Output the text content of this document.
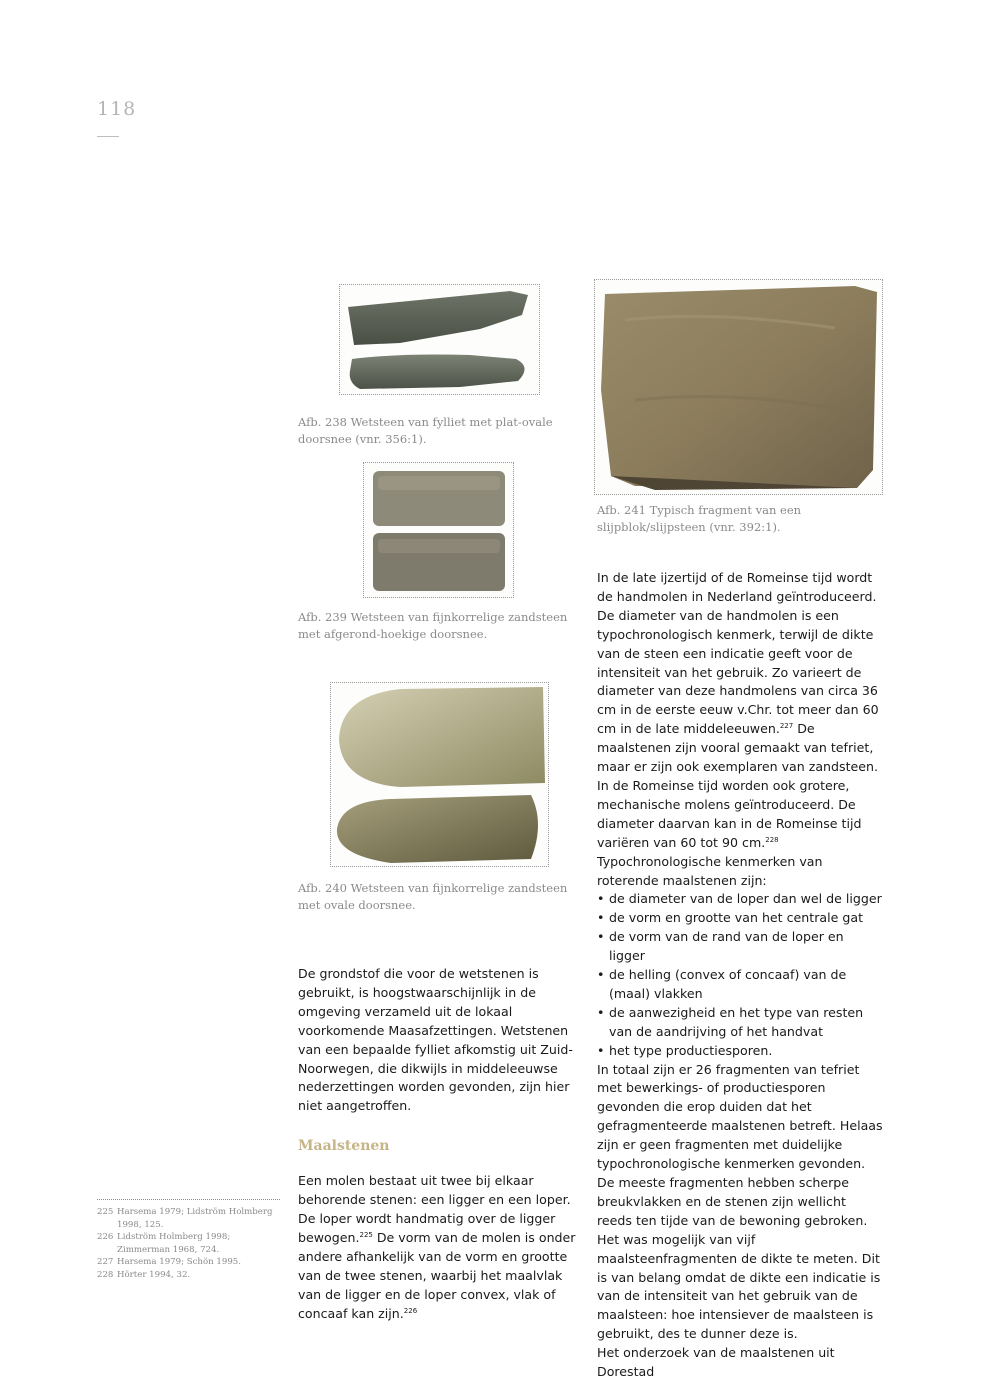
118

Afb. 238 Wetsteen van fylliet met plat-ovale doorsnee (vnr. 356:1).

Afb. 239 Wetsteen van fijnkorrelige zandsteen met afgerond-hoekige doorsnee.

Afb. 240 Wetsteen van fijnkorrelige zandsteen met ovale doorsnee.

Afb. 241 Typisch fragment van een slijpblok/slijpsteen (vnr. 392:1).

De grondstof die voor de wetstenen is gebruikt, is hoogstwaarschijnlijk in de omgeving verzameld uit de lokaal voorkomende Maasafzettingen. Wetstenen van een bepaalde fylliet afkomstig uit Zuid-Noorwegen, die dikwijls in middeleeuwse nederzettingen worden gevonden, zijn hier niet aangetroffen.

Maalstenen

Een molen bestaat uit twee bij elkaar behorende stenen: een ligger en een loper. De loper wordt handmatig over de ligger bewogen.$^{225}$ De vorm van de molen is onder andere afhankelijk van de vorm en grootte van de twee stenen, waarbij het maalvlak van de ligger en de loper convex, vlak of concaaf kan zijn.$^{226}$

In de late ijzertijd of de Romeinse tijd wordt de handmolen in Nederland geïntroduceerd. De diameter van de handmolen is een typochronologisch kenmerk, terwijl de dikte van de steen een indicatie geeft voor de intensiteit van het gebruik. Zo varieert de diameter van deze handmolens van circa 36 cm in de eerste eeuw v.Chr. tot meer dan 60 cm in de late middeleeuwen.$^{227}$ De maalstenen zijn vooral gemaakt van tefriet, maar er zijn ook exemplaren van zandsteen.

In de Romeinse tijd worden ook grotere, mechanische molens geïntroduceerd. De diameter daarvan kan in de Romeinse tijd variëren van 60 tot 90 cm.$^{228}$

Typochronologische kenmerken van roterende maalstenen zijn:

• de diameter van de loper dan wel de ligger
• de vorm en grootte van het centrale gat
• de vorm van de rand van de loper en ligger
• de helling (convex of concaaf) van de (maal) vlakken
• de aanwezigheid en het type van resten van de aandrijving of het handvat
• het type productiesporen.

In totaal zijn er 26 fragmenten van tefriet met bewerkings- of productiesporen gevonden die erop duiden dat het gefragmenteerde maalstenen betreft. Helaas zijn er geen fragmenten met duidelijke typochronologische kenmerken gevonden. De meeste fragmenten hebben scherpe breukvlakken en de stenen zijn wellicht reeds ten tijde van de bewoning gebroken.

Het was mogelijk van vijf maalsteenfragmenten de dikte te meten. Dit is van belang omdat de dikte een indicatie is van de intensiteit van het gebruik van de maalsteen: hoe intensiever de maalsteen is gebruikt, des te dunner deze is.

Het onderzoek van de maalstenen uit Dorestad

225 Harsema 1979; Lidström Holmberg 1998, 125.

226 Lidström Holmberg 1998; Zimmerman 1968, 724.

227 Harsema 1979; Schön 1995.

228 Hörter 1994, 32.
